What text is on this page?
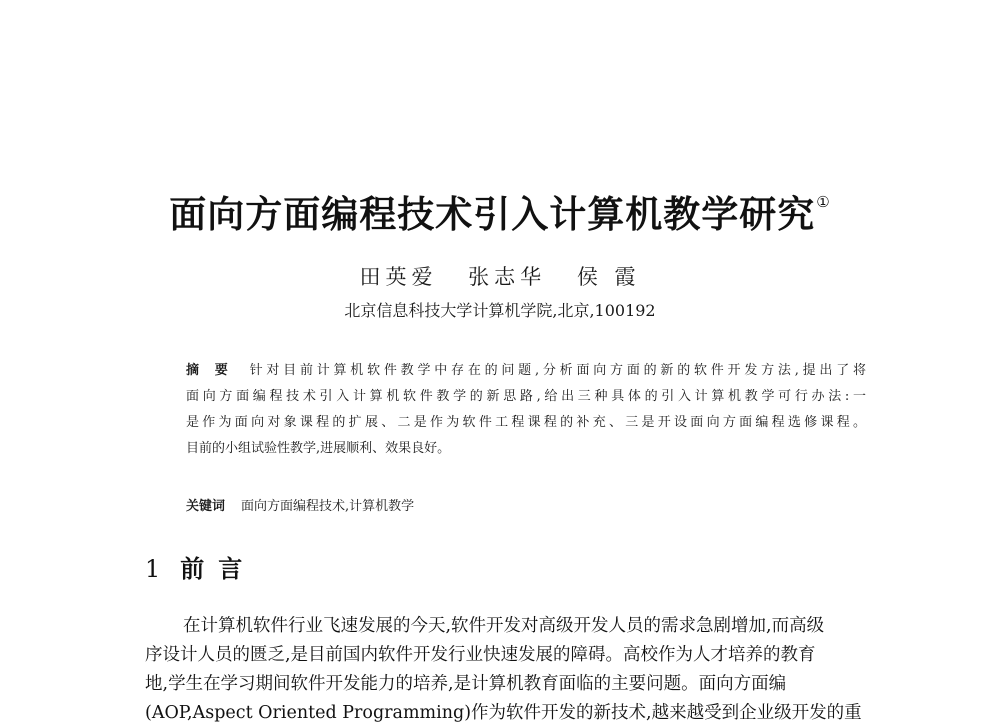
面向方面编程技术引入计算机教学研究①
田英爱 张志华 侯 霞
北京信息科技大学计算机学院,北京,100192
摘要 针对目前计算机软件教学中存在的问题,分析面向方面的新的软件开发方法,提出了将
面向方面编程技术引入计算机软件教学的新思路,给出三种具体的引入计算机教学可行办法:一
是作为面向对象课程的扩展、二是作为软件工程课程的补充、三是开设面向方面编程选修课程。
目前的小组试验性教学,进展顺利、效果良好。
关键词 面向方面编程技术,计算机教学
1 前言
在计算机软件行业飞速发展的今天,软件开发对高级开发人员的需求急剧增加,而高级
序设计人员的匮乏,是目前国内软件开发行业快速发展的障碍。高校作为人才培养的教育
地,学生在学习期间软件开发能力的培养,是计算机教育面临的主要问题。面向方面编
(AOP,Aspect Oriented Programming)作为软件开发的新技术,越来越受到企业级开发的重
